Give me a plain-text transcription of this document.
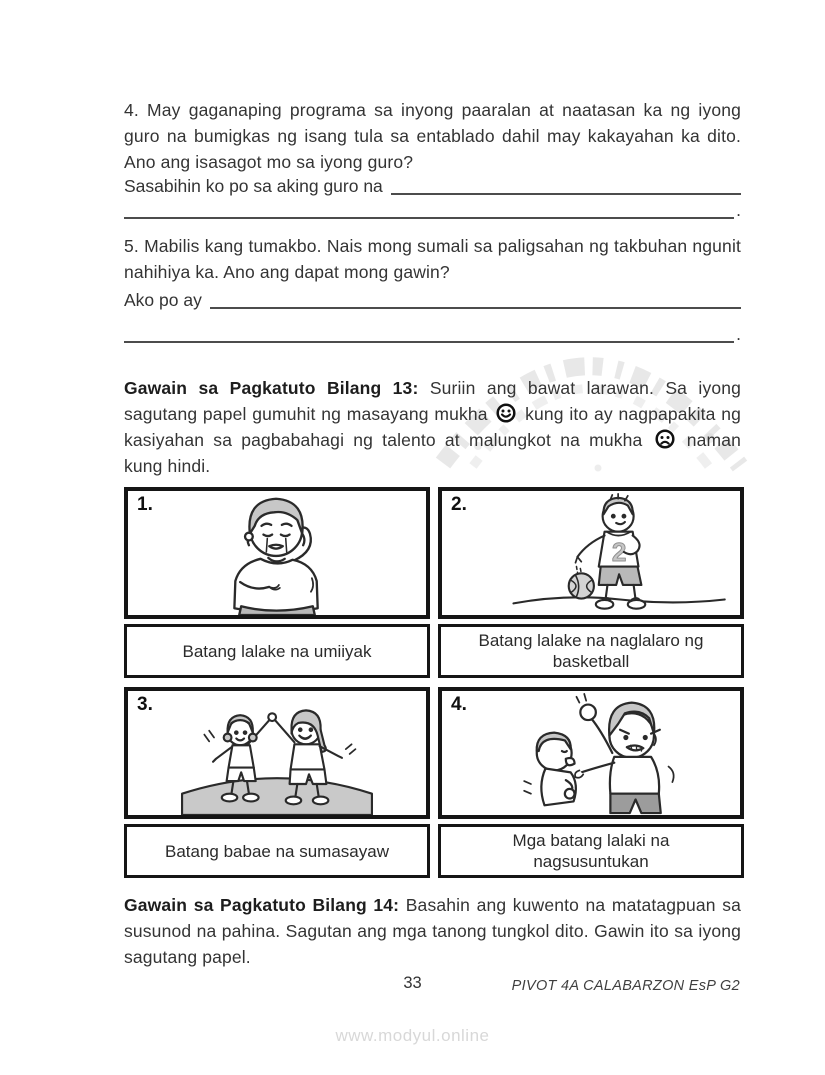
4. May gaganaping programa sa inyong paaralan at naatasan ka ng iyong guro na bumigkas ng isang tula sa entablado dahil may kakayahan ka dito. Ano ang isasagot mo sa iyong guro?

Sasabihin ko po sa aking guro na
.

5. Mabilis kang tumakbo. Nais mong sumali sa paligsahan ng takbuhan ngunit nahihiya ka. Ano ang dapat mong gawin?

Ako po ay
.

Gawain sa Pagkatuto Bilang 13: Suriin ang bawat larawan. Sa iyong sagutang papel gumuhit ng masayang mukha kung ito ay nagpapakita ng kasiyahan sa pagbabahagi ng talento at malungkot na mukha	naman kung hindi.

1.
Batang lalake na umiiyak
2.
2
Batang lalake na naglalaro ng basketball
3.
Batang babae na sumasayaw
4.
Mga batang lalaki na nagsusuntukan

Gawain sa Pagkatuto Bilang 14: Basahin ang kuwento na matatagpuan sa susunod na pahina. Sagutan ang mga tanong tungkol dito. Gawin ito sa iyong sagutang papel.

33	PIVOT 4A CALABARZON EsP G2
www.modyul.online
